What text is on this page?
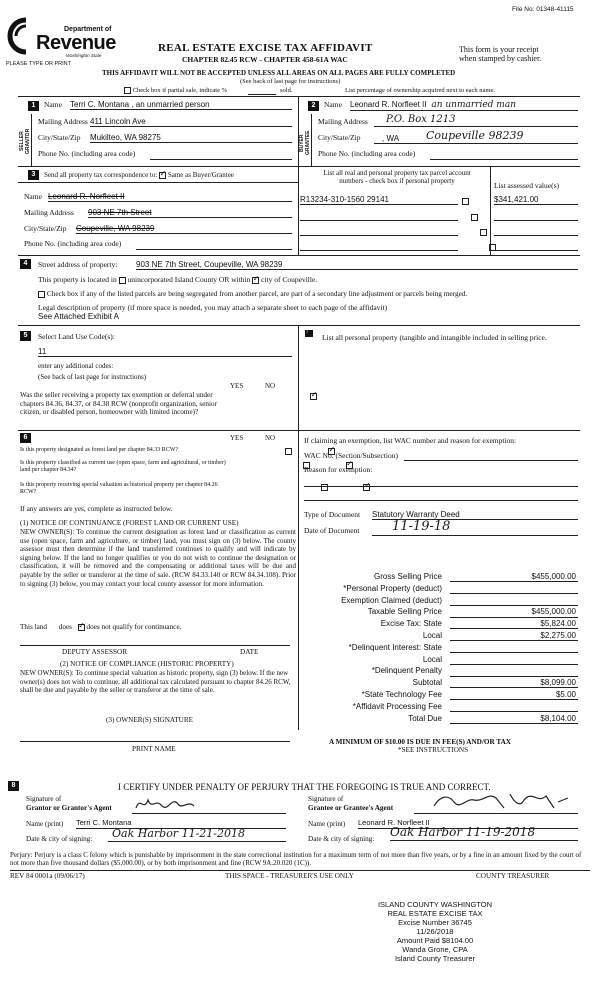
File No: 01348-41115
Department of
Revenue
Washington State
PLEASE TYPE OR PRINT
REAL ESTATE EXCISE TAX AFFIDAVIT
CHAPTER 82.45 RCW - CHAPTER 458-61A WAC
This form is your receipt
when stamped by cashier.
THIS AFFIDAVIT WILL NOT BE ACCEPTED UNLESS ALL AREAS ON ALL PAGES ARE FULLY COMPLETED
(See back of last page for instructions)
Check box if partial sale, indicate %	sold.	List percentage of ownership acquired next to each name.
1
SELLER GRANTOR
Name Terri C. Montana , an unmarried person
Mailing Address 411 Lincoln Ave
City/State/Zip Mukilteo, WA 98275
Phone No. (including area code)
2
BUYER GRANTEE
Name Leonard R. Norfleet II an unmarried man
Mailing Address	P.O. Box 1213
City/State/Zip	, WA Coupeville 98239
Phone No. (including area code)
3	Send all property tax correspondence to: ✓ Same as Buyer/Grantee
Name Leonard R. Norfleet II
Mailing Address 903 NE 7th Street
City/State/Zip Coupeville, WA 98239
Phone No. (including area code)
List all real and personal property tax parcel account
numbers - check box if personal property	List assessed value(s)
R13234-310-1560 29141
	$341,421.00

4	Street address of property: 903 NE 7th Street, Coupeville, WA 98239
This property is located in unincorporated Island County OR within ✓ city of Coupeville.
Check box if any of the listed parcels are being segregated from another parcel, are part of a secondary line adjustment or parcels being merged.
Legal description of property (if more space is needed, you may attach a separate sheet to each page of the affidavit)
See Attached Exhibit A
5	Select Land Use Code(s):
11
enter any additional codes:
(See back of last page for instructions)
YES	NO
Was the seller receiving a property tax exemption or deferral under chapters 84.36, 84.37, or 84.38 RCW (nonprofit organization, senior citizen, or disabled person, homeowner with limited income)?
✓
7
List all personal property (tangible and intangible included in selling price.
If claiming an exemption, list WAC number and reason for exemption:
WAC No. (Section/Subsection)
Reason for exemption:
Type of Document Statutory Warranty Deed
Date of Document	11-19-18
6	YES	NO
Is this property designated as forest land per chapter 84.33 RCW?
✓
Is this property classified as current use (open space, farm and agricultural, or timber) land per chapter 84.34?
✓
Is this property receiving special valuation as historical property per chapter 84.26 RCW?
✓
If any answers are yes, complete as instructed below.
(1) NOTICE OF CONTINUANCE (FOREST LAND OR CURRENT USE)
NEW OWNER(S): To continue the current designation as forest land or classification as current use (open space, farm and agriculture, or timber) land, you must sign on (3) below. The county assessor must then determine if the land transferred continues to qualify and will indicate by signing below. If the land no longer qualifies or you do not wish to continue the designation or classification, it will be removed and the compensating or additional taxes will be due and payable by the seller or transferor at the time of sale. (RCW 84.33.140 or RCW 84.34.108). Prior to signing (3) below, you may contact your local county assessor for more information.
This land does ✓ does not qualify for continuance.
DEPUTY ASSESSOR	DATE
(2) NOTICE OF COMPLIANCE (HISTORIC PROPERTY)
NEW OWNER(S): To continue special valuation as historic property, sign (3) below. If the new owner(s) does not wish to continue, all additional tax calculated pursuant to chapter 84.26 RCW, shall be due and payable by the seller or transferor at the time of sale.
(3) OWNER(S) SIGNATURE
PRINT NAME
Gross Selling Price	$455,000.00
*Personal Property (deduct)

Exemption Claimed (deduct)

Taxable Selling Price	$455,000.00
Excise Tax: State	$5,824.00
Local	$2,275.00
*Delinquent Interest: State

Local

*Delinquent Penalty

Subtotal	$8,099.00
*State Technology Fee	$5.00
*Affidavit Processing Fee

Total Due	$8,104.00
A MINIMUM OF $10.00 IS DUE IN FEE(S) AND/OR TAX
*SEE INSTRUCTIONS
8	I CERTIFY UNDER PENALTY OF PERJURY THAT THE FOREGOING IS TRUE AND CORRECT.
Signature of
Grantor or Grantor's Agent
Name (print) Terri C. Montana
Date & city of signing:	Oak Harbor 11-21-2018
Signature of
Grantee or Grantee's Agent
Name (print) Leonard R. Norfleet II
Date & city of signing: Oak Harbor 11-19-2018
Perjury: Perjury is a class C felony which is punishable by imprisonment in the state correctional institution for a maximum term of not more than five years, or by a fine in an amount fixed by the court of not more than five thousand dollars ($5,000.00), or by both imprisonment and fine (RCW 9A.20.020 (1C)).
REV 84 0001a (09/06/17)	THIS SPACE - TREASURER'S USE ONLY	COUNTY TREASURER
ISLAND COUNTY WASHINGTON
REAL ESTATE EXCISE TAX
Excise Number 36745
11/26/2018
Amount Paid $8104.00
Wanda Grone, CPA
Island County Treasurer
